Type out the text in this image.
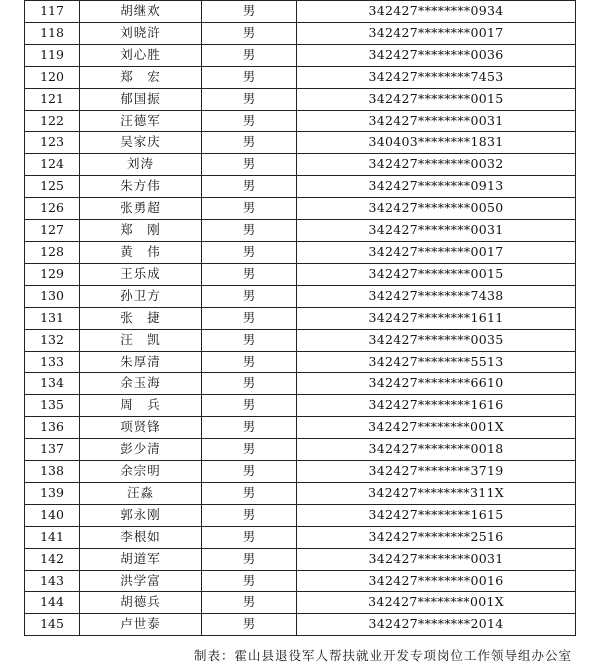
117	胡继欢	男	342427********0934
118	刘晓浒	男	342427********0017
119	刘心胜	男	342427********0036
120	郑　宏	男	342427********7453
121	郁国振	男	342427********0015
122	汪德军	男	342427********0031
123	吴家庆	男	340403********1831
124	刘涛	男	342427********0032
125	朱方伟	男	342427********0913
126	张勇超	男	342427********0050
127	郑　刚	男	342427********0031
128	黄　伟	男	342427********0017
129	王乐成	男	342427********0015
130	孙卫方	男	342427********7438
131	张　捷	男	342427********1611
132	汪　凯	男	342427********0035
133	朱厚清	男	342427********5513
134	余玉海	男	342427********6610
135	周　兵	男	342427********1616
136	项贤锋	男	342427********001X
137	彭少清	男	342427********0018
138	余宗明	男	342427********3719
139	汪淼	男	342427********311X
140	郭永刚	男	342427********1615
141	李根如	男	342427********2516
142	胡道军	男	342427********0031
143	洪学富	男	342427********0016
144	胡德兵	男	342427********001X
145	卢世泰	男	342427********2014
制表：霍山县退役军人帮扶就业开发专项岗位工作领导组办公室
